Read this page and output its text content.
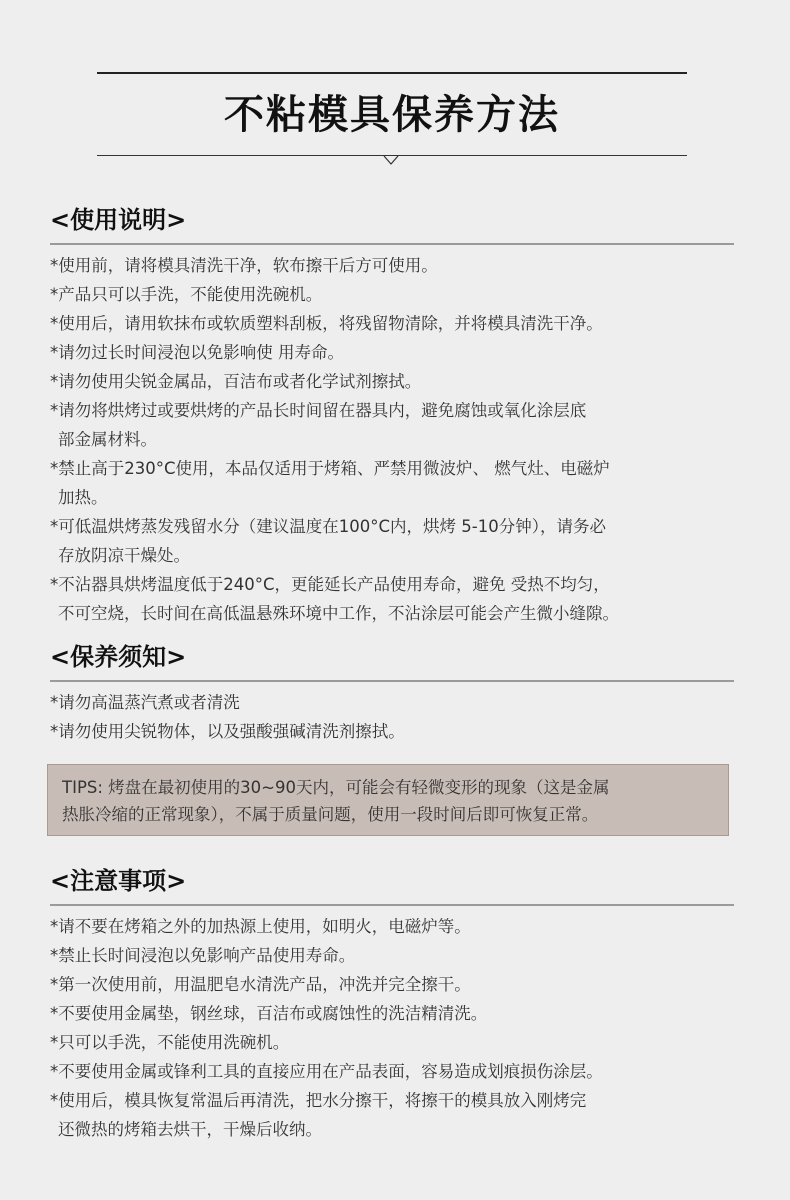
不粘模具保养方法
<使用说明>
*使用前，请将模具清洗干净，软布擦干后方可使用。
*产品只可以手洗，不能使用洗碗机。
*使用后，请用软抹布或软质塑料刮板，将残留物清除，并将模具清洗干净。
*请勿过长时间浸泡以免影响使 用寿命。
*请勿使用尖锐金属品，百洁布或者化学试剂擦拭。
*请勿将烘烤过或要烘烤的产品长时间留在器具内，避免腐蚀或氧化涂层底
部金属材料。
*禁止高于230°C使用，本品仅适用于烤箱、严禁用微波炉、 燃气灶、电磁炉
加热。
*可低温烘烤蒸发残留水分（建议温度在100°C内，烘烤 5-10分钟），请务必
存放阴凉干燥处。
*不沾器具烘烤温度低于240°C，更能延长产品使用寿命，避免 受热不均匀，
不可空烧，长时间在高低温悬殊环境中工作，不沾涂层可能会产生微小缝隙。
<保养须知>
*请勿高温蒸汽煮或者清洗
*请勿使用尖锐物体，以及强酸强碱清洗剂擦拭。
TIPS: 烤盘在最初使用的30~90天内，可能会有轻微变形的现象（这是金属
热胀冷缩的正常现象），不属于质量问题，使用一段时间后即可恢复正常。
<注意事项>
*请不要在烤箱之外的加热源上使用，如明火，电磁炉等。
*禁止长时间浸泡以免影响产品使用寿命。
*第一次使用前，用温肥皂水清洗产品，冲洗并完全擦干。
*不要使用金属垫，钢丝球，百洁布或腐蚀性的洗洁精清洗。
*只可以手洗，不能使用洗碗机。
*不要使用金属或锋利工具的直接应用在产品表面，容易造成划痕损伤涂层。
*使用后，模具恢复常温后再清洗，把水分擦干，将擦干的模具放入刚烤完
还微热的烤箱去烘干，干燥后收纳。
